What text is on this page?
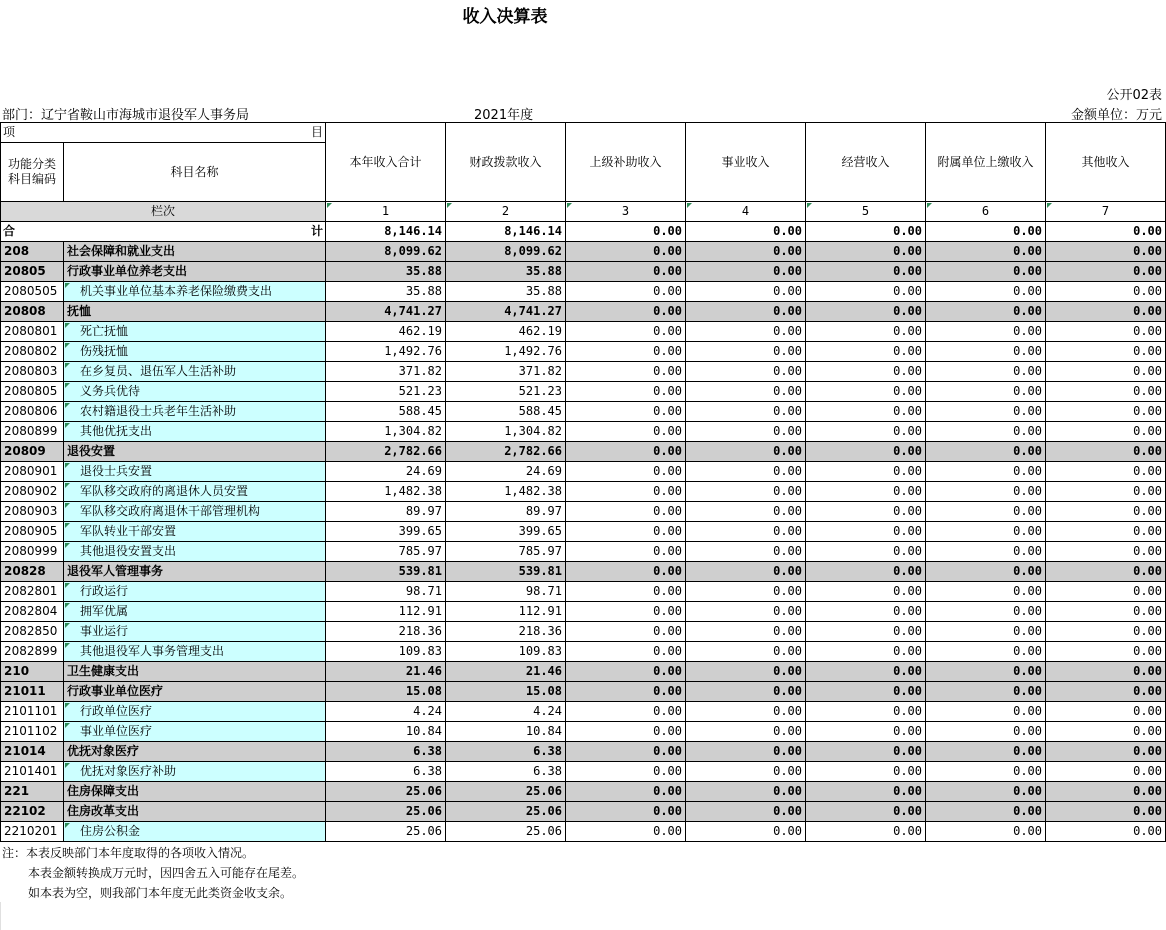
收入决算表
公开02表
部门：辽宁省鞍山市海城市退役军人事务局	2021年度	金额单位：万元
项 目		本年收入合计	财政拨款收入	上级补助收入	事业收入	经营收入	附属单位上缴收入	其他收入
功能分类
科目编码	科目名称							
栏次		1	2	3	4	5	6	7

合 计		8,146.14	8,146.14	0.00	0.00	0.00	0.00	0.00
208	社会保障和就业支出	8,099.62	8,099.62	0.00	0.00	0.00	0.00	0.00
20805	行政事业单位养老支出	35.88	35.88	0.00	0.00	0.00	0.00	0.00
2080505	机关事业单位基本养老保险缴费支出	35.88	35.88	0.00	0.00	0.00	0.00	0.00
20808	抚恤	4,741.27	4,741.27	0.00	0.00	0.00	0.00	0.00
2080801	死亡抚恤	462.19	462.19	0.00	0.00	0.00	0.00	0.00
2080802	伤残抚恤	1,492.76	1,492.76	0.00	0.00	0.00	0.00	0.00
2080803	在乡复员、退伍军人生活补助	371.82	371.82	0.00	0.00	0.00	0.00	0.00
2080805	义务兵优待	521.23	521.23	0.00	0.00	0.00	0.00	0.00
2080806	农村籍退役士兵老年生活补助	588.45	588.45	0.00	0.00	0.00	0.00	0.00
2080899	其他优抚支出	1,304.82	1,304.82	0.00	0.00	0.00	0.00	0.00
20809	退役安置	2,782.66	2,782.66	0.00	0.00	0.00	0.00	0.00
2080901	退役士兵安置	24.69	24.69	0.00	0.00	0.00	0.00	0.00
2080902	军队移交政府的离退休人员安置	1,482.38	1,482.38	0.00	0.00	0.00	0.00	0.00
2080903	军队移交政府离退休干部管理机构	89.97	89.97	0.00	0.00	0.00	0.00	0.00
2080905	军队转业干部安置	399.65	399.65	0.00	0.00	0.00	0.00	0.00
2080999	其他退役安置支出	785.97	785.97	0.00	0.00	0.00	0.00	0.00
20828	退役军人管理事务	539.81	539.81	0.00	0.00	0.00	0.00	0.00
2082801	行政运行	98.71	98.71	0.00	0.00	0.00	0.00	0.00
2082804	拥军优属	112.91	112.91	0.00	0.00	0.00	0.00	0.00
2082850	事业运行	218.36	218.36	0.00	0.00	0.00	0.00	0.00
2082899	其他退役军人事务管理支出	109.83	109.83	0.00	0.00	0.00	0.00	0.00
210	卫生健康支出	21.46	21.46	0.00	0.00	0.00	0.00	0.00
21011	行政事业单位医疗	15.08	15.08	0.00	0.00	0.00	0.00	0.00
2101101	行政单位医疗	4.24	4.24	0.00	0.00	0.00	0.00	0.00
2101102	事业单位医疗	10.84	10.84	0.00	0.00	0.00	0.00	0.00
21014	优抚对象医疗	6.38	6.38	0.00	0.00	0.00	0.00	0.00
2101401	优抚对象医疗补助	6.38	6.38	0.00	0.00	0.00	0.00	0.00
221	住房保障支出	25.06	25.06	0.00	0.00	0.00	0.00	0.00
22102	住房改革支出	25.06	25.06	0.00	0.00	0.00	0.00	0.00
2210201	住房公积金	25.06	25.06	0.00	0.00	0.00	0.00	0.00
注：本表反映部门本年度取得的各项收入情况。
本表金额转换成万元时，因四舍五入可能存在尾差。
如本表为空，则我部门本年度无此类资金收支余。
